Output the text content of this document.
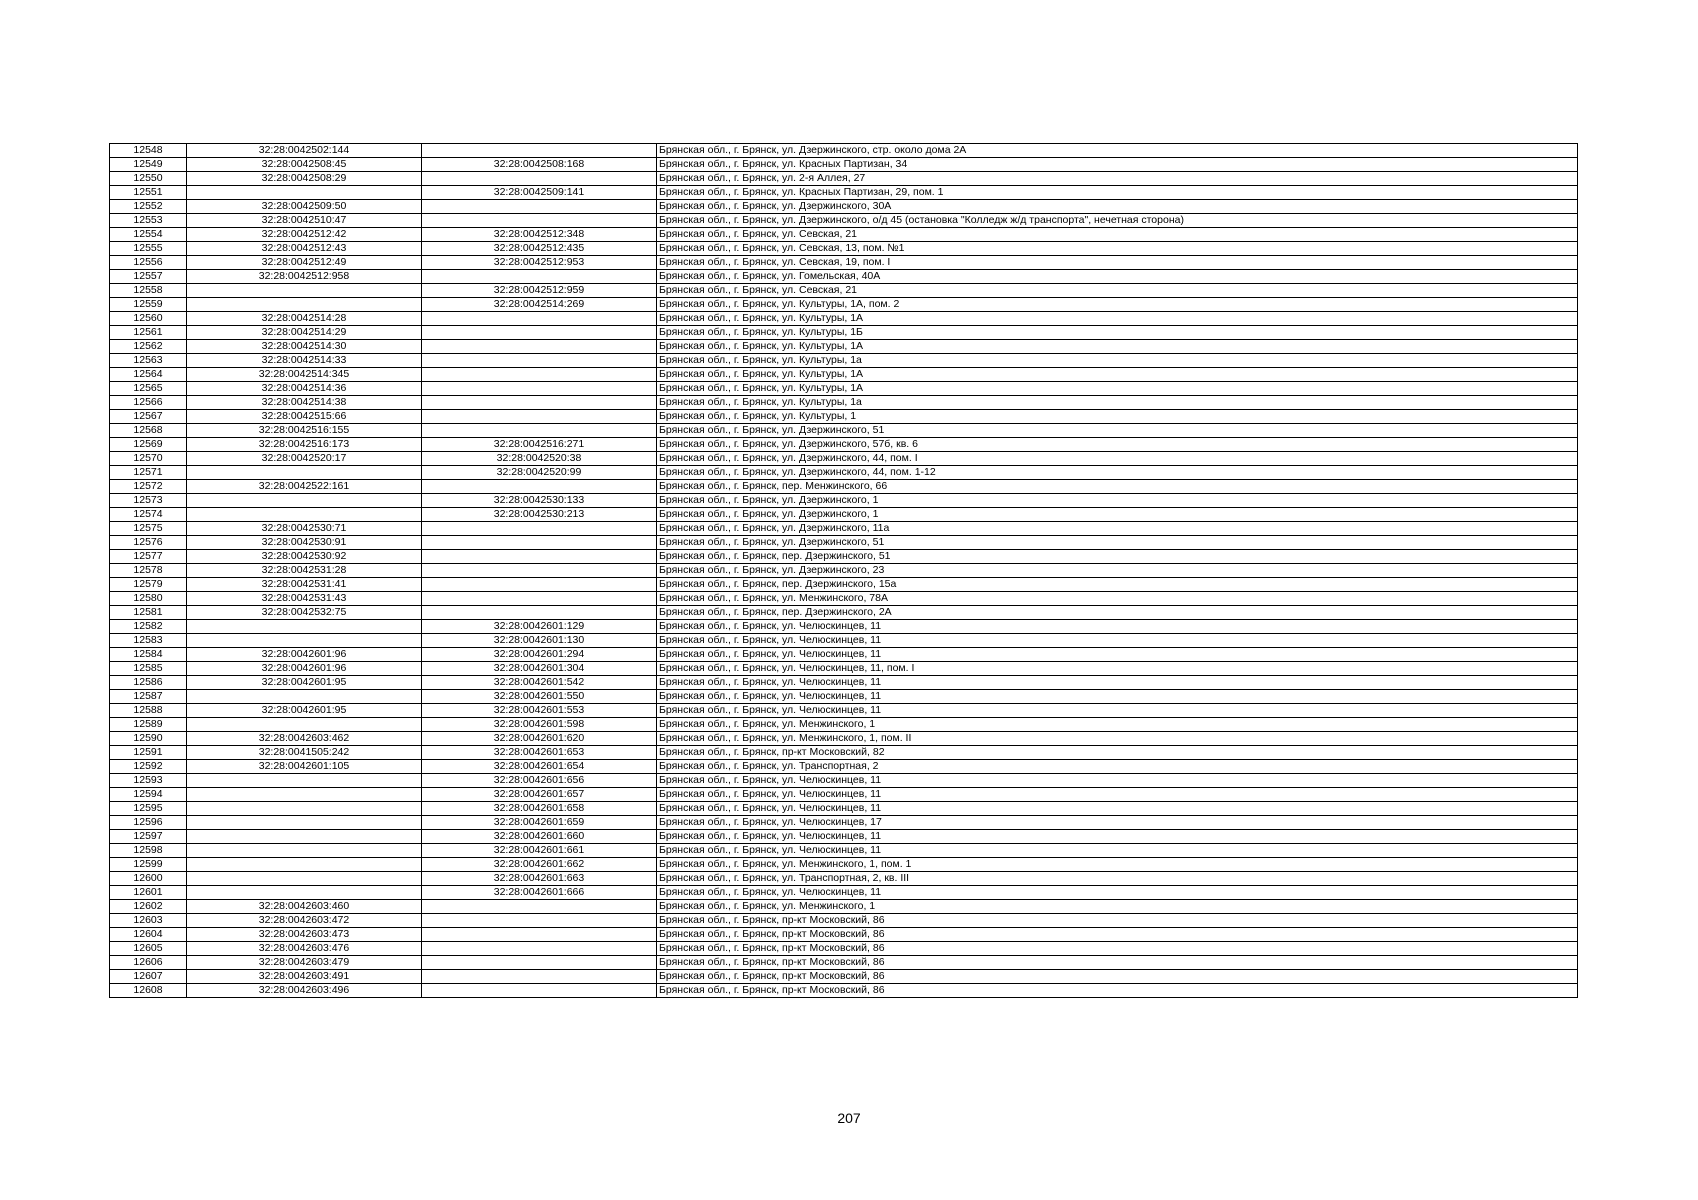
12548	32:28:0042502:144		Брянская обл., г. Брянск, ул. Дзержинского, стр. около дома 2А
12549	32:28:0042508:45	32:28:0042508:168	Брянская обл., г. Брянск, ул. Красных Партизан, 34
12550	32:28:0042508:29		Брянская обл., г. Брянск, ул. 2-я Аллея, 27
12551		32:28:0042509:141	Брянская обл., г. Брянск, ул. Красных Партизан, 29, пом. 1
12552	32:28:0042509:50		Брянская обл., г. Брянск, ул. Дзержинского, 30А
12553	32:28:0042510:47		Брянская обл., г. Брянск, ул. Дзержинского, о/д 45 (остановка "Колледж ж/д транспорта", нечетная сторона)
12554	32:28:0042512:42	32:28:0042512:348	Брянская обл., г. Брянск, ул. Севская, 21
12555	32:28:0042512:43	32:28:0042512:435	Брянская обл., г. Брянск, ул. Севская, 13, пом. №1
12556	32:28:0042512:49	32:28:0042512:953	Брянская обл., г. Брянск, ул. Севская, 19, пом. I
12557	32:28:0042512:958		Брянская обл., г. Брянск, ул. Гомельская, 40А
12558		32:28:0042512:959	Брянская обл., г. Брянск, ул. Севская, 21
12559		32:28:0042514:269	Брянская обл., г. Брянск, ул. Культуры, 1А, пом. 2
12560	32:28:0042514:28		Брянская обл., г. Брянск, ул. Культуры, 1А
12561	32:28:0042514:29		Брянская обл., г. Брянск, ул. Культуры, 1Б
12562	32:28:0042514:30		Брянская обл., г. Брянск, ул. Культуры, 1А
12563	32:28:0042514:33		Брянская обл., г. Брянск, ул. Культуры, 1а
12564	32:28:0042514:345		Брянская обл., г. Брянск, ул. Культуры, 1А
12565	32:28:0042514:36		Брянская обл., г. Брянск, ул. Культуры, 1А
12566	32:28:0042514:38		Брянская обл., г. Брянск, ул. Культуры, 1а
12567	32:28:0042515:66		Брянская обл., г. Брянск, ул. Культуры, 1
12568	32:28:0042516:155		Брянская обл., г. Брянск, ул. Дзержинского, 51
12569	32:28:0042516:173	32:28:0042516:271	Брянская обл., г. Брянск, ул. Дзержинского, 57б, кв. 6
12570	32:28:0042520:17	32:28:0042520:38	Брянская обл., г. Брянск, ул. Дзержинского, 44, пом. I
12571		32:28:0042520:99	Брянская обл., г. Брянск, ул. Дзержинского, 44, пом. 1-12
12572	32:28:0042522:161		Брянская обл., г. Брянск, пер. Менжинского, 66
12573		32:28:0042530:133	Брянская обл., г. Брянск, ул. Дзержинского, 1
12574		32:28:0042530:213	Брянская обл., г. Брянск, ул. Дзержинского, 1
12575	32:28:0042530:71		Брянская обл., г. Брянск, ул. Дзержинского, 11а
12576	32:28:0042530:91		Брянская обл., г. Брянск, ул. Дзержинского, 51
12577	32:28:0042530:92		Брянская обл., г. Брянск, пер. Дзержинского, 51
12578	32:28:0042531:28		Брянская обл., г. Брянск, ул. Дзержинского, 23
12579	32:28:0042531:41		Брянская обл., г. Брянск, пер. Дзержинского, 15а
12580	32:28:0042531:43		Брянская обл., г. Брянск, ул. Менжинского, 78А
12581	32:28:0042532:75		Брянская обл., г. Брянск, пер. Дзержинского, 2А
12582		32:28:0042601:129	Брянская обл., г. Брянск, ул. Челюскинцев, 11
12583		32:28:0042601:130	Брянская обл., г. Брянск, ул. Челюскинцев, 11
12584	32:28:0042601:96	32:28:0042601:294	Брянская обл., г. Брянск, ул. Челюскинцев, 11
12585	32:28:0042601:96	32:28:0042601:304	Брянская обл., г. Брянск, ул. Челюскинцев, 11, пом. I
12586	32:28:0042601:95	32:28:0042601:542	Брянская обл., г. Брянск, ул. Челюскинцев, 11
12587		32:28:0042601:550	Брянская обл., г. Брянск, ул. Челюскинцев, 11
12588	32:28:0042601:95	32:28:0042601:553	Брянская обл., г. Брянск, ул. Челюскинцев, 11
12589		32:28:0042601:598	Брянская обл., г. Брянск, ул. Менжинского, 1
12590	32:28:0042603:462	32:28:0042601:620	Брянская обл., г. Брянск, ул. Менжинского, 1, пом. II
12591	32:28:0041505:242	32:28:0042601:653	Брянская обл., г. Брянск, пр-кт Московский, 82
12592	32:28:0042601:105	32:28:0042601:654	Брянская обл., г. Брянск, ул. Транспортная, 2
12593		32:28:0042601:656	Брянская обл., г. Брянск, ул. Челюскинцев, 11
12594		32:28:0042601:657	Брянская обл., г. Брянск, ул. Челюскинцев, 11
12595		32:28:0042601:658	Брянская обл., г. Брянск, ул. Челюскинцев, 11
12596		32:28:0042601:659	Брянская обл., г. Брянск, ул. Челюскинцев, 17
12597		32:28:0042601:660	Брянская обл., г. Брянск, ул. Челюскинцев, 11
12598		32:28:0042601:661	Брянская обл., г. Брянск, ул. Челюскинцев, 11
12599		32:28:0042601:662	Брянская обл., г. Брянск, ул. Менжинского, 1, пом. 1
12600		32:28:0042601:663	Брянская обл., г. Брянск, ул. Транспортная, 2, кв. III
12601		32:28:0042601:666	Брянская обл., г. Брянск, ул. Челюскинцев, 11
12602	32:28:0042603:460		Брянская обл., г. Брянск, ул. Менжинского, 1
12603	32:28:0042603:472		Брянская обл., г. Брянск, пр-кт Московский, 86
12604	32:28:0042603:473		Брянская обл., г. Брянск, пр-кт Московский, 86
12605	32:28:0042603:476		Брянская обл., г. Брянск, пр-кт Московский, 86
12606	32:28:0042603:479		Брянская обл., г. Брянск, пр-кт Московский, 86
12607	32:28:0042603:491		Брянская обл., г. Брянск, пр-кт Московский, 86
12608	32:28:0042603:496		Брянская обл., г. Брянск, пр-кт Московский, 86
207
